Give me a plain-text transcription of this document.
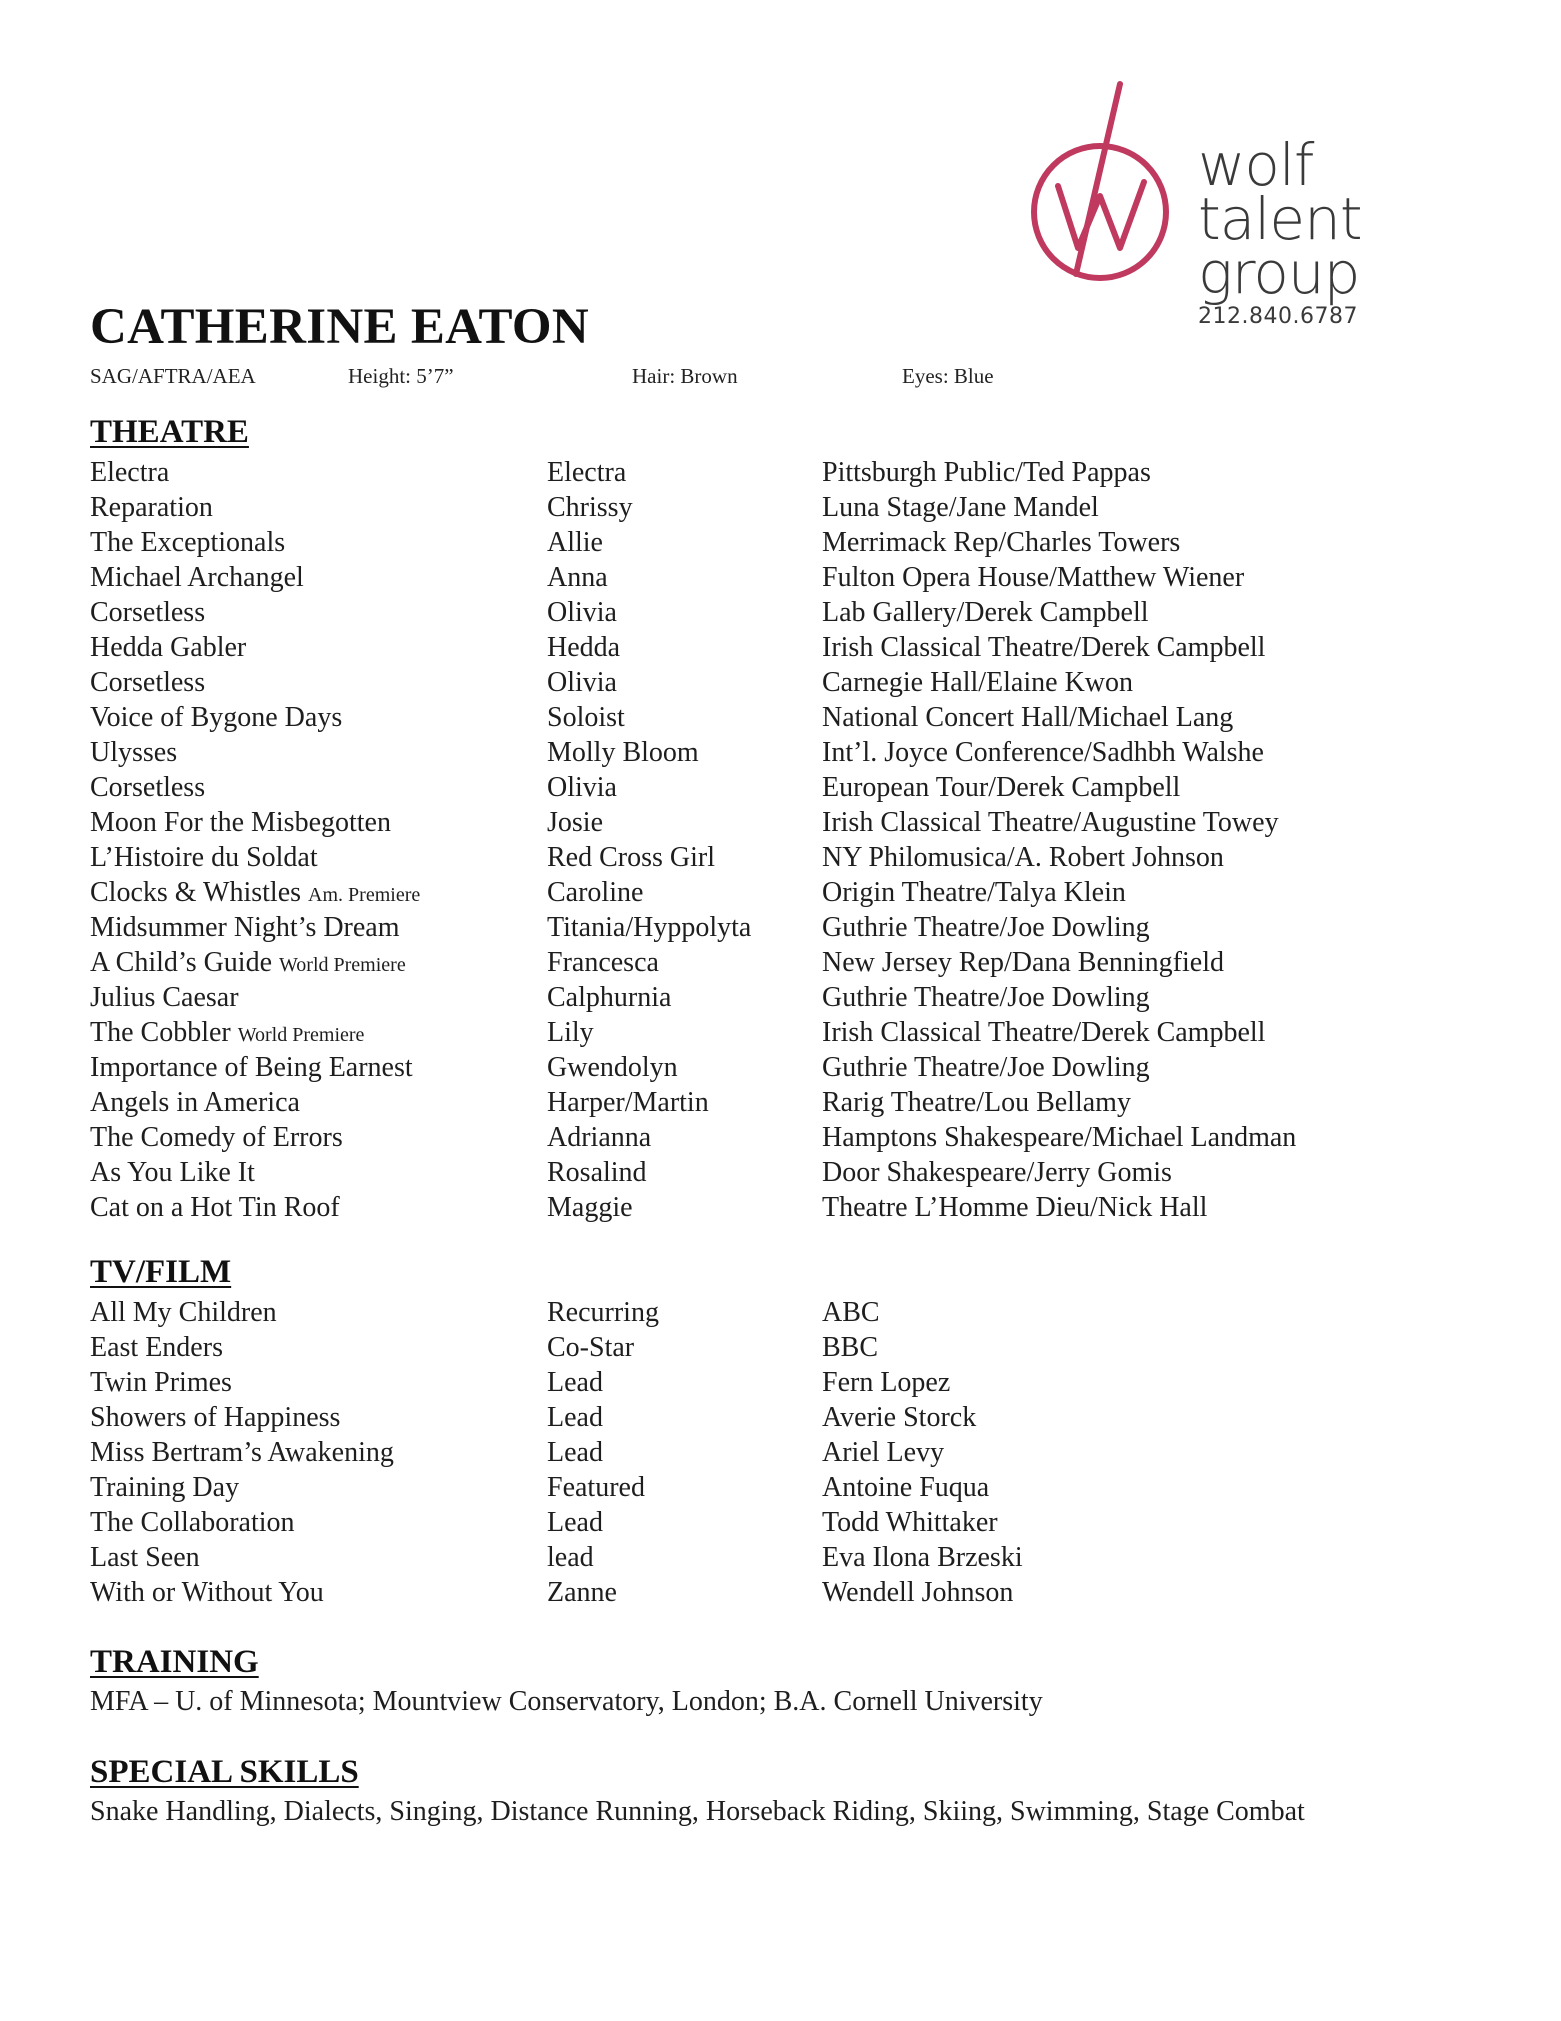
wolf
talent
group
212.840.6787
CATHERINE EATON
SAG/AFTRA/AEA	Height: 5’7”	Hair: Brown	Eyes: Blue
THEATRE
Electra	Electra	Pittsburgh Public/Ted Pappas
Reparation	Chrissy	Luna Stage/Jane Mandel
The Exceptionals	Allie	Merrimack Rep/Charles Towers
Michael Archangel	Anna	Fulton Opera House/Matthew Wiener
Corsetless	Olivia	Lab Gallery/Derek Campbell
Hedda Gabler	Hedda	Irish Classical Theatre/Derek Campbell
Corsetless	Olivia	Carnegie Hall/Elaine Kwon
Voice of Bygone Days	Soloist	National Concert Hall/Michael Lang
Ulysses	Molly Bloom	Int’l. Joyce Conference/Sadhbh Walshe
Corsetless	Olivia	European Tour/Derek Campbell
Moon For the Misbegotten	Josie	Irish Classical Theatre/Augustine Towey
L’Histoire du Soldat	Red Cross Girl	NY Philomusica/A. Robert Johnson
Clocks & Whistles Am. Premiere	Caroline	Origin Theatre/Talya Klein
Midsummer Night’s Dream	Titania/Hyppolyta	Guthrie Theatre/Joe Dowling
A Child’s Guide World Premiere	Francesca	New Jersey Rep/Dana Benningfield
Julius Caesar	Calphurnia	Guthrie Theatre/Joe Dowling
The Cobbler World Premiere	Lily	Irish Classical Theatre/Derek Campbell
Importance of Being Earnest	Gwendolyn	Guthrie Theatre/Joe Dowling
Angels in America	Harper/Martin	Rarig Theatre/Lou Bellamy
The Comedy of Errors	Adrianna	Hamptons Shakespeare/Michael Landman
As You Like It	Rosalind	Door Shakespeare/Jerry Gomis
Cat on a Hot Tin Roof	Maggie	Theatre L’Homme Dieu/Nick Hall
TV/FILM
All My Children	Recurring	ABC
East Enders	Co-Star	BBC
Twin Primes	Lead	Fern Lopez
Showers of Happiness	Lead	Averie Storck
Miss Bertram’s Awakening	Lead	Ariel Levy
Training Day	Featured	Antoine Fuqua
The Collaboration	Lead	Todd Whittaker
Last Seen	lead	Eva Ilona Brzeski
With or Without You	Zanne	Wendell Johnson
TRAINING
MFA – U. of Minnesota; Mountview Conservatory, London; B.A. Cornell University
SPECIAL SKILLS
Snake Handling, Dialects, Singing, Distance Running, Horseback Riding, Skiing, Swimming, Stage Combat
